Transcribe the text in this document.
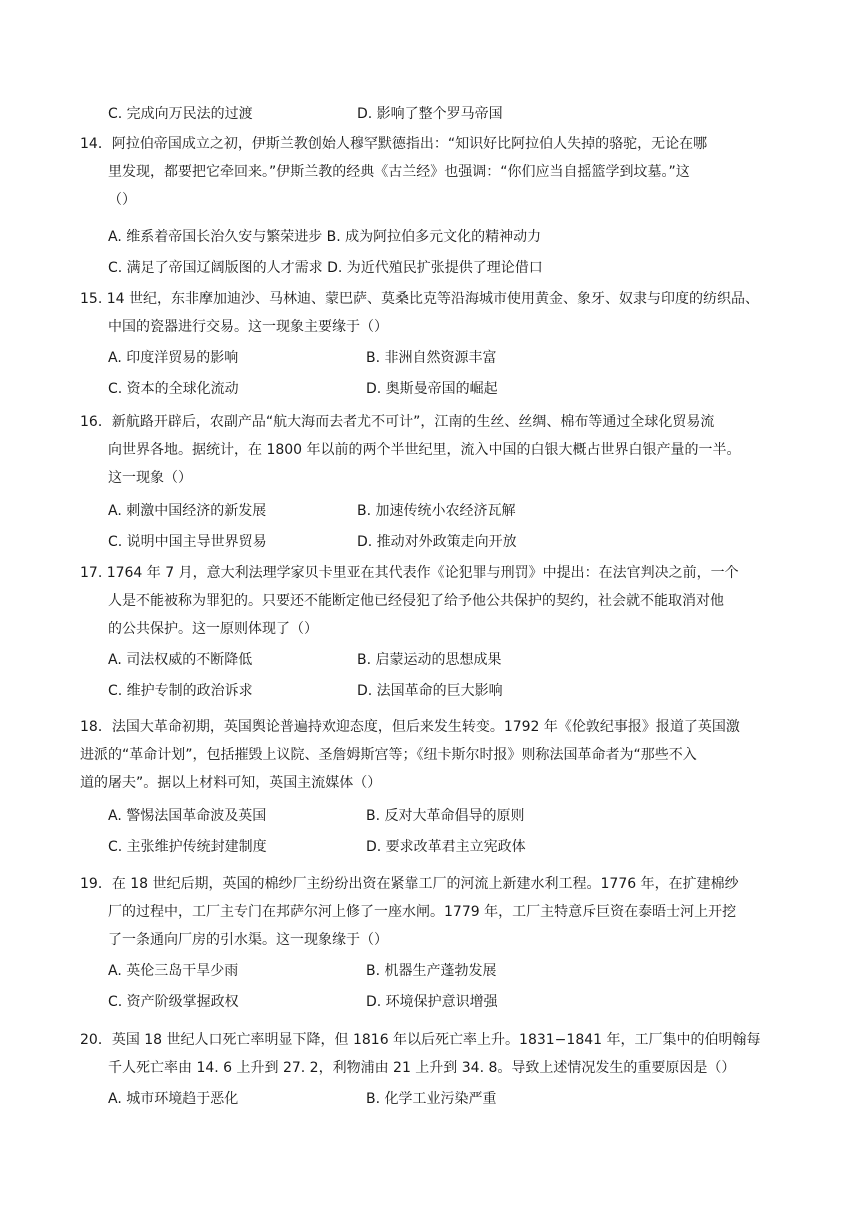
C. 完成向万民法的过渡	D. 影响了整个罗马帝国
14．阿拉伯帝国成立之初，伊斯兰教创始人穆罕默德指出：“知识好比阿拉伯人失掉的骆驼，无论在哪
里发现，都要把它牵回来。”伊斯兰教的经典《古兰经》也强调：“你们应当自摇篮学到坟墓。”这
（）
A. 维系着帝国长治久安与繁荣进步 B. 成为阿拉伯多元文化的精神动力
C. 满足了帝国辽阔版图的人才需求 D. 为近代殖民扩张提供了理论借口
15. 14 世纪，东非摩加迪沙、马林迪、蒙巴萨、莫桑比克等沿海城市使用黄金、象牙、奴隶与印度的纺织品、
中国的瓷器进行交易。这一现象主要缘于（）
A. 印度洋贸易的影响	B. 非洲自然资源丰富
C. 资本的全球化流动	D. 奥斯曼帝国的崛起
16．新航路开辟后，农副产品“航大海而去者尤不可计”，江南的生丝、丝绸、棉布等通过全球化贸易流
向世界各地。据统计，在 1800 年以前的两个半世纪里，流入中国的白银大概占世界白银产量的一半。
这一现象（）
A. 刺激中国经济的新发展	B. 加速传统小农经济瓦解
C. 说明中国主导世界贸易	D. 推动对外政策走向开放
17. 1764 年 7 月，意大利法理学家贝卡里亚在其代表作《论犯罪与刑罚》中提出：在法官判决之前，一个
人是不能被称为罪犯的。只要还不能断定他已经侵犯了给予他公共保护的契约，社会就不能取消对他
的公共保护。这一原则体现了（）
A. 司法权威的不断降低	B. 启蒙运动的思想成果
C. 维护专制的政治诉求	D. 法国革命的巨大影响
18．法国大革命初期，英国舆论普遍持欢迎态度，但后来发生转变。1792 年《伦敦纪事报》报道了英国激
进派的“革命计划”，包括摧毁上议院、圣詹姆斯宫等；《纽卡斯尔时报》则称法国革命者为“那些不入
道的屠夫”。据以上材料可知，英国主流媒体（）
A. 警惕法国革命波及英国	B. 反对大革命倡导的原则
C. 主张维护传统封建制度	D. 要求改革君主立宪政体
19．在 18 世纪后期，英国的棉纱厂主纷纷出资在紧靠工厂的河流上新建水利工程。1776 年，在扩建棉纱
厂的过程中，工厂主专门在邦萨尔河上修了一座水闸。1779 年，工厂主特意斥巨资在泰晤士河上开挖
了一条通向厂房的引水渠。这一现象缘于（）
A. 英伦三岛干旱少雨	B. 机器生产蓬勃发展
C. 资产阶级掌握政权	D. 环境保护意识增强
20．英国 18 世纪人口死亡率明显下降，但 1816 年以后死亡率上升。1831−1841 年，工厂集中的伯明翰每
千人死亡率由 14. 6 上升到 27. 2，利物浦由 21 上升到 34. 8。导致上述情况发生的重要原因是（）
A. 城市环境趋于恶化	B. 化学工业污染严重
